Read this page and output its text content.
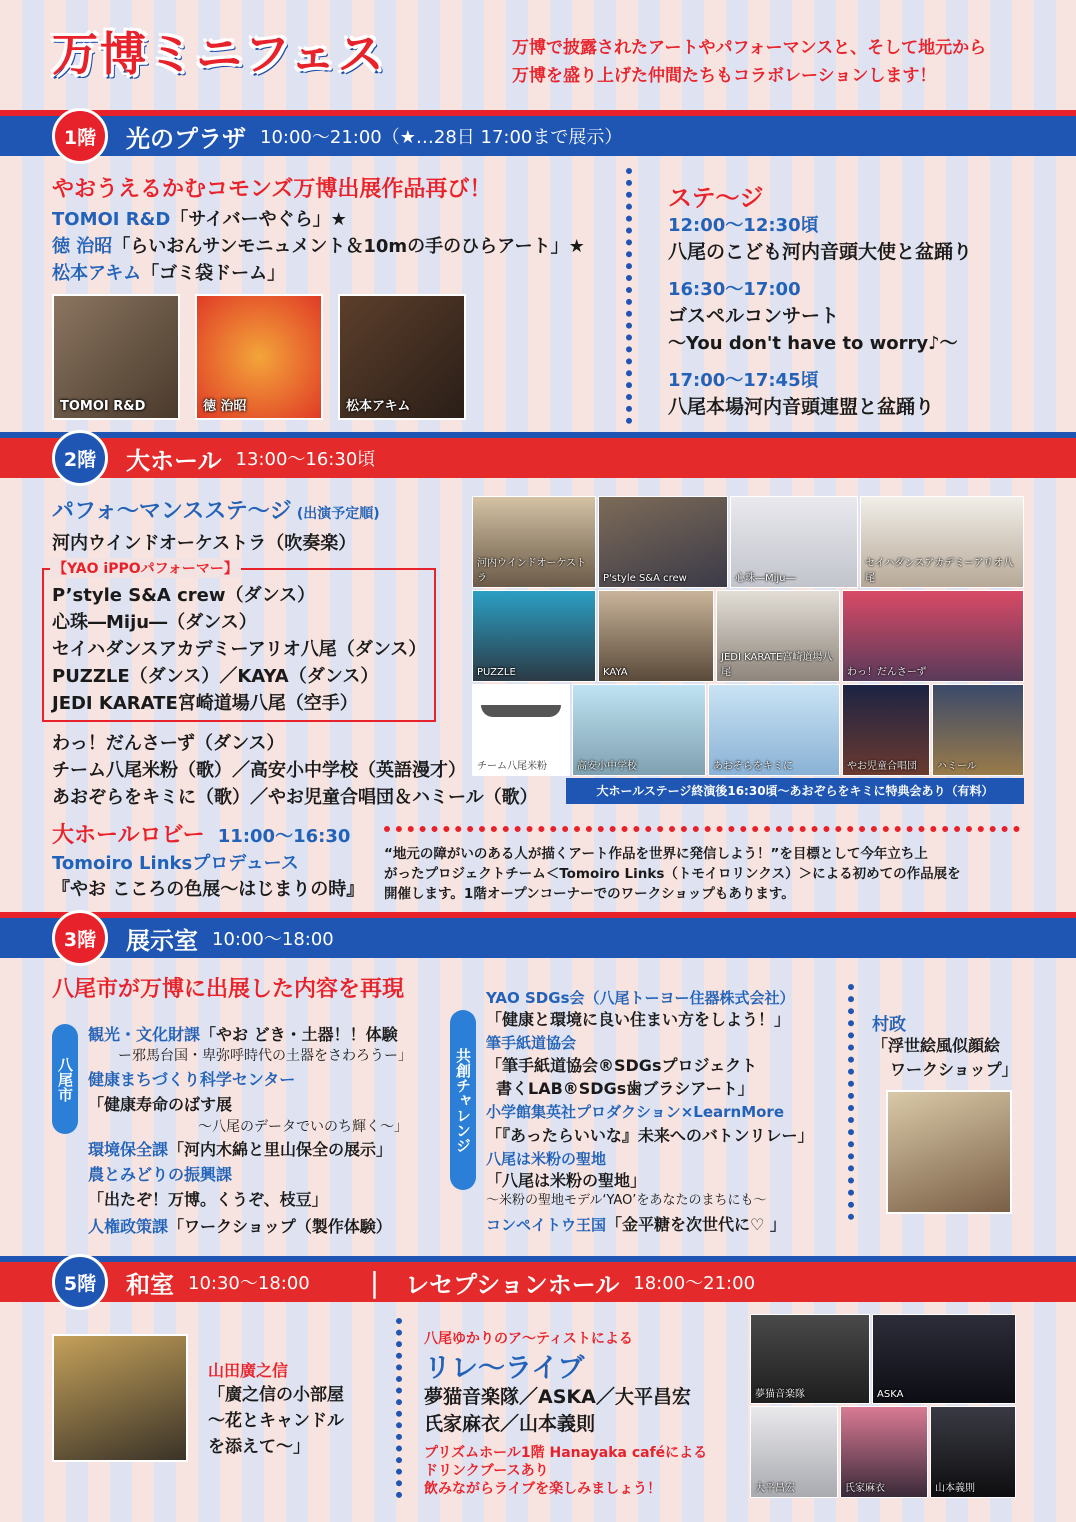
万博ミニフェス	万博で披露されたアートやパフォーマンスと、そして地元から
万博を盛り上げた仲間たちもコラボレーションします！
1階	光のプラザ 10:00〜21:00（★…28日 17:00まで展示）
やおうえるかむコモンズ万博出展作品再び！
TOMOI R&D「サイバーやぐら」★
徳 治昭「らいおんサンモニュメント＆10mの手のひらアート」★
松本アキム「ゴミ袋ドーム」
TOMOI R&D	徳 治昭	松本アキム
ステ〜ジ
12:00〜12:30頃
八尾のこども河内音頭大使と盆踊り
16:30〜17:00
ゴスペルコンサート
〜You don't have to worry♪〜
17:00〜17:45頃
八尾本場河内音頭連盟と盆踊り
2階	大ホール 13:00〜16:30頃
パフォ〜マンスステ〜ジ (出演予定順)
河内ウインドオーケストラ（吹奏楽）
【YAO iPPOパフォーマー】
P’style S&A crew（ダンス）
心珠―Miju―（ダンス）
セイハダンスアカデミーアリオ八尾（ダンス）
PUZZLE（ダンス）／KAYA（ダンス）
JEDI KARATE宮崎道場八尾（空手）
わっ！だんさーず（ダンス）
チーム八尾米粉（歌）／高安小中学校（英語漫才）
あおぞらをキミに（歌）／やお児童合唱団＆ハミール（歌）
河内ウインドオーケストラ	P'style S&A crew	心珠―Miju―
セイハダンスアカデミーアリオ八尾
PUZZLE	KAYA
JEDI KARATE宮崎道場八尾	わっ！だんさーず
チーム八尾米粉	高安小中学校	あおぞらをキミに	やお児童合唱団 ハミール
大ホールステージ終演後16:30頃〜あおぞらをキミに特典会あり（有料）
大ホールロビー 11:00〜16:30
Tomoiro Linksプロデュース
『やお こころの色展〜はじまりの時』
“地元の障がいのある人が描くアート作品を世界に発信しよう！”を目標として今年立ち上
がったプロジェクトチーム＜Tomoiro Links（トモイロリンクス）＞による初めての作品展を
開催します。1階オープンコーナーでのワークショップもあります。
3階	展示室 10:00〜18:00
八尾市が万博に出展した内容を再現
八尾市
観光・文化財課「やお どき・土器！！体験
ー邪馬台国・卑弥呼時代の土器をさわろうー」
健康まちづくり科学センター
「健康寿命のばす展
〜八尾のデータでいのち輝く〜」
環境保全課「河内木綿と里山保全の展示」
農とみどりの振興課
「出たぞ！万博。くうぞ、枝豆」
人権政策課「ワークショップ（製作体験）
共創チャレンジ
YAO SDGs会（八尾トーヨー住器株式会社）
「健康と環境に良い住まい方をしよう！」
筆手紙道協会
「筆手紙道協会®SDGsプロジェクト
書くLAB®SDGs歯ブラシアート」
小学館集英社プロダクション×LearnMore
「『あったらいいな』未来へのバトンリレー」
八尾は米粉の聖地
「八尾は米粉の聖地」
〜米粉の聖地モデル‘YAO’をあなたのまちにも〜
コンペイトウ王国「金平糖を次世代に♡ 」
村政
「浮世絵風似顔絵
ワークショップ」
5階	和室 10:30〜18:00 | レセプションホール 18:00〜21:00
山田廣之信
「廣之信の小部屋
〜花とキャンドル
を添えて〜」
八尾ゆかりのア〜ティストによる
リレ〜ライブ
夢猫音楽隊／ASKA／大平昌宏
氏家麻衣／山本義則
プリズムホール1階 Hanayaka caféによる
ドリンクブースあり
飲みながらライブを楽しみましょう！
夢猫音楽隊	ASKA
大平昌宏	氏家麻衣	山本義則
